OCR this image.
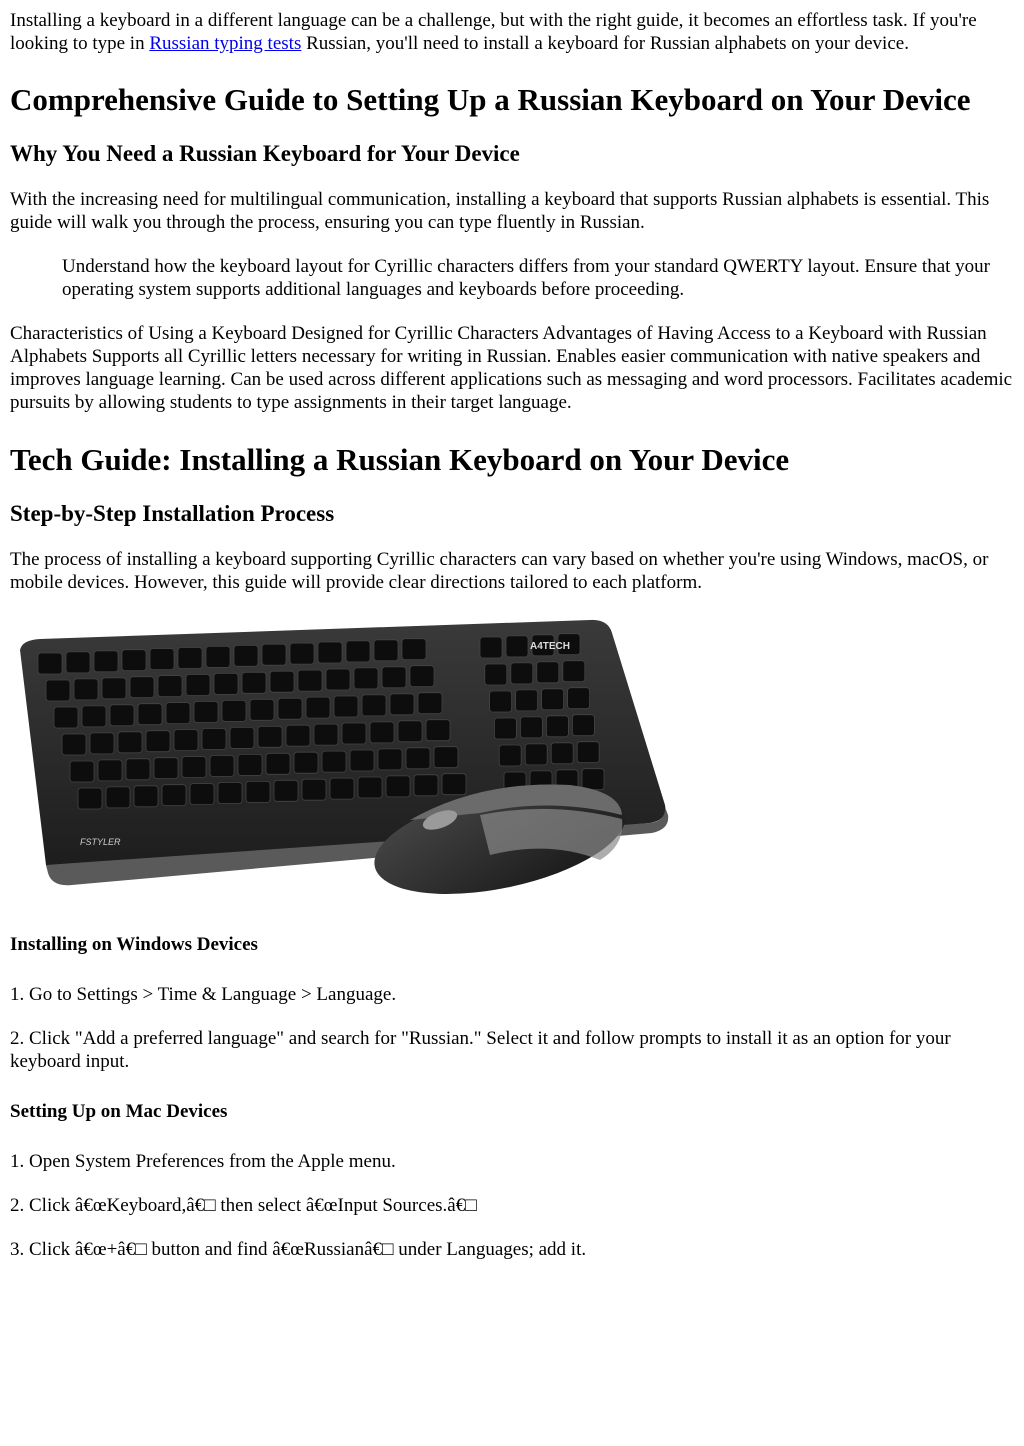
Installing a keyboard in a different language can be a challenge, but with the right guide, it becomes an effortless task. If you're looking to type in Russian typing tests Russian, you'll need to install a keyboard for Russian alphabets on your device.

Comprehensive Guide to Setting Up a Russian Keyboard on Your Device
Why You Need a Russian Keyboard for Your Device

With the increasing need for multilingual communication, installing a keyboard that supports Russian alphabets is essential. This guide will walk you through the process, ensuring you can type fluently in Russian.

Understand how the keyboard layout for Cyrillic characters differs from your standard QWERTY layout. Ensure that your operating system supports additional languages and keyboards before proceeding.

Characteristics of Using a Keyboard Designed for Cyrillic Characters Advantages of Having Access to a Keyboard with Russian Alphabets Supports all Cyrillic letters necessary for writing in Russian. Enables easier communication with native speakers and improves language learning. Can be used across different applications such as messaging and word processors. Facilitates academic pursuits by allowing students to type assignments in their target language.

Tech Guide: Installing a Russian Keyboard on Your Device
Step-by-Step Installation Process

The process of installing a keyboard supporting Cyrillic characters can vary based on whether you're using Windows, macOS, or mobile devices. However, this guide will provide clear directions tailored to each platform.

A4TECH
FSTYLER
Installing on Windows Devices

1. Go to Settings > Time & Language > Language.

2. Click "Add a preferred language" and search for "Russian." Select it and follow prompts to install it as an option for your keyboard input.

Setting Up on Mac Devices

1. Open System Preferences from the Apple menu.

2. Click â€œKeyboard,â€□ then select â€œInput Sources.â€□

3. Click â€œ+â€□ button and find â€œRussianâ€□ under Languages; add it.
